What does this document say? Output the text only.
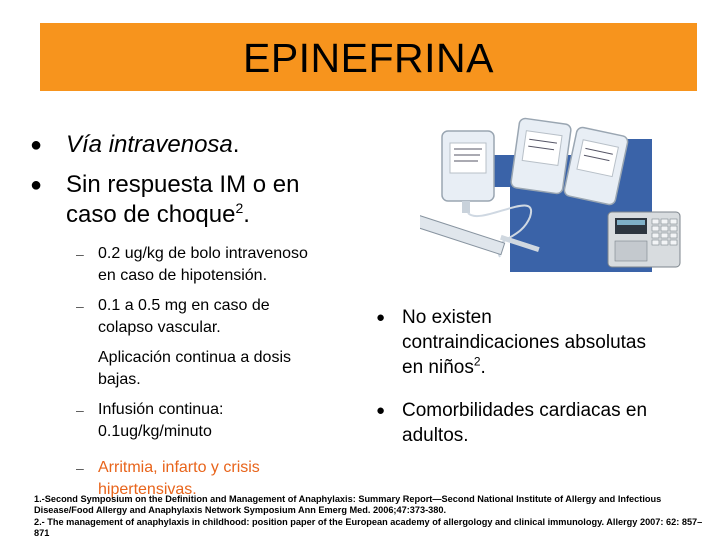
EPINEFRINA
● Vía intravenosa.
● Sin respuesta IM o en
caso de choque$^2$.
– 0.2 ug/kg de bolo intravenoso
en caso de hipotensión.
– 0.1 a 0.5 mg en caso de
colapso vascular.
Aplicación continua a dosis
bajas.
– Infusión continua:
0.1ug/kg/minuto
– Arritmia, infarto y crisis
hipertensivas.
● No existen
contraindicaciones absolutas
en niños$^2$.
● Comorbilidades cardiacas en
adultos.
1.-Second Symposium on the Definition and Management of Anaphylaxis: Summary Report—Second National Institute of Allergy and Infectious Disease/Food Allergy and Anaphylaxis Network Symposium Ann Emerg Med. 2006;47:373-380.
2.- The management of anaphylaxis in childhood: position paper of the European academy of allergology and clinical immunology. Allergy 2007: 62: 857–871
